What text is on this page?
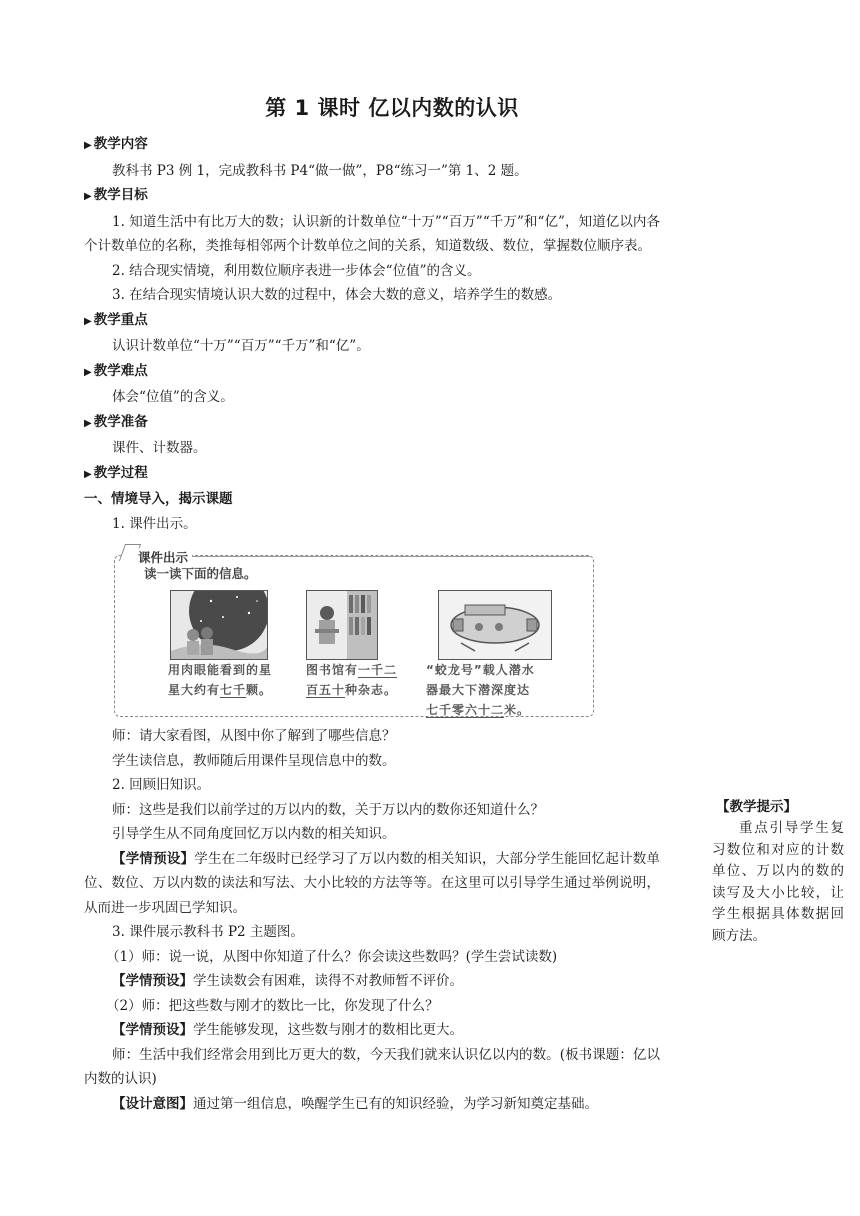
第 1 课时 亿以内数的认识
▶ 教学内容
教科书 P3 例 1，完成教科书 P4“做一做”，P8“练习一”第 1、2 题。
▶ 教学目标
1. 知道生活中有比万大的数；认识新的计数单位“十万”“百万”“千万”和“亿”，知道亿以内各个计数单位的名称，类推每相邻两个计数单位之间的关系，知道数级、数位，掌握数位顺序表。
2. 结合现实情境，利用数位顺序表进一步体会“位值”的含义。
3. 在结合现实情境认识大数的过程中，体会大数的意义，培养学生的数感。
▶ 教学重点
认识计数单位“十万”“百万”“千万”和“亿”。
▶ 教学难点
体会“位值”的含义。
▶ 教学准备
课件、计数器。
▶ 教学过程
一、情境导入，揭示课题
1. 课件出示。
课件出示
读一读下面的信息。
用肉眼能看到的星
星大约有七千颗。
图书馆有一千二
百五十种杂志。
“蛟龙号”载人潜水
器最大下潜深度达
七千零六十二米。
师：请大家看图，从图中你了解到了哪些信息？
学生读信息，教师随后用课件呈现信息中的数。
2. 回顾旧知识。
师：这些是我们以前学过的万以内的数，关于万以内的数你还知道什么？
引导学生从不同角度回忆万以内数的相关知识。
【学情预设】学生在二年级时已经学习了万以内数的相关知识，大部分学生能回忆起计数单位、数位、万以内数的读法和写法、大小比较的方法等等。在这里可以引导学生通过举例说明，从而进一步巩固已学知识。
3. 课件展示教科书 P2 主题图。
（1）师：说一说，从图中你知道了什么？你会读这些数吗？(学生尝试读数)
【学情预设】学生读数会有困难，读得不对教师暂不评价。
（2）师：把这些数与刚才的数比一比，你发现了什么？
【学情预设】学生能够发现，这些数与刚才的数相比更大。
师：生活中我们经常会用到比万更大的数，今天我们就来认识亿以内的数。(板书课题：亿以内数的认识)
【设计意图】通过第一组信息，唤醒学生已有的知识经验，为学习新知奠定基础。
【教学提示】
重点引导学生复习数位和对应的计数单位、万以内的数的读写及大小比较，让学生根据具体数据回顾方法。
